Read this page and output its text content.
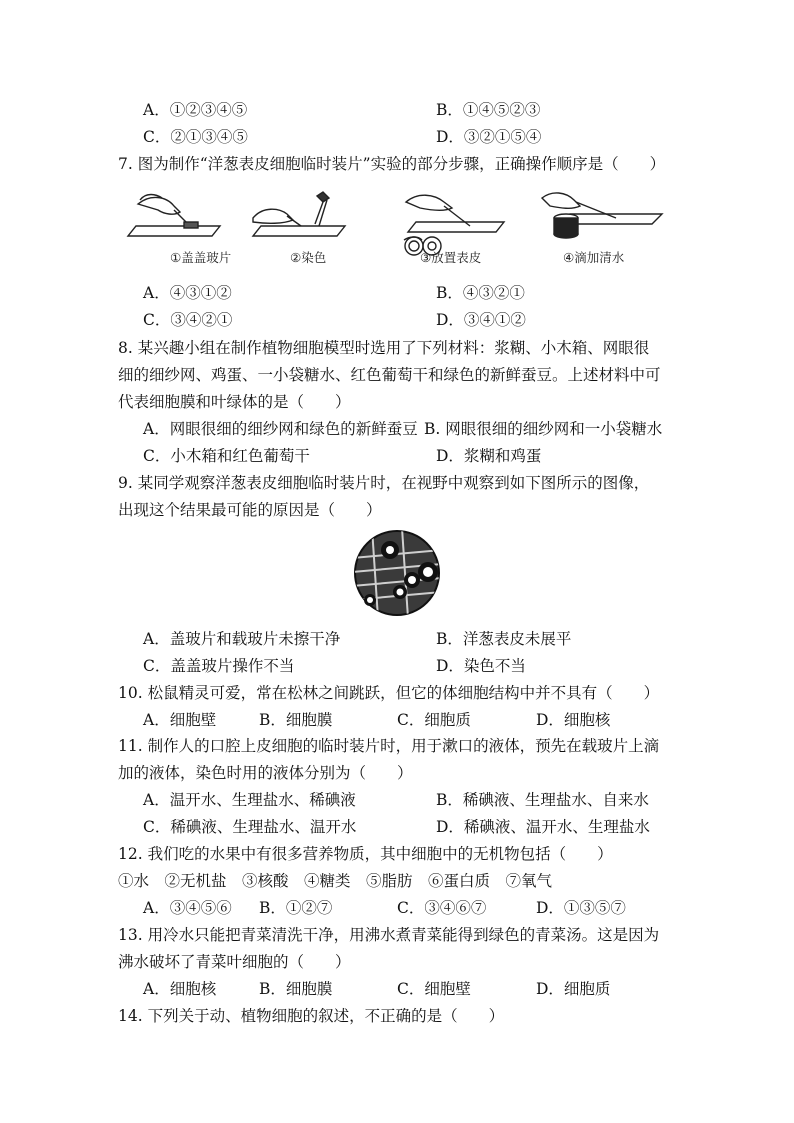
A．①②③④⑤	B．①④⑤②③
C．②①③④⑤	D．③②①⑤④
7. 图为制作“洋葱表皮细胞临时装片”实验的部分步骤，正确操作顺序是（　　）
①盖盖玻片	②染色	③放置表皮	④滴加清水
A．④③①②	B．④③②①
C．③④②①	D．③④①②
8. 某兴趣小组在制作植物细胞模型时选用了下列材料：浆糊、小木箱、网眼很
细的细纱网、鸡蛋、一小袋糖水、红色葡萄干和绿色的新鲜蚕豆。上述材料中可
代表细胞膜和叶绿体的是（　　）
A．网眼很细的细纱网和绿色的新鲜蚕豆 B. 网眼很细的细纱网和一小袋糖水
C．小木箱和红色葡萄干	D．浆糊和鸡蛋
9. 某同学观察洋葱表皮细胞临时装片时，在视野中观察到如下图所示的图像，
出现这个结果最可能的原因是（　　）
A．盖玻片和载玻片未擦干净	B．洋葱表皮未展平
C．盖盖玻片操作不当	D．染色不当
10. 松鼠精灵可爱，常在松林之间跳跃，但它的体细胞结构中并不具有（　　）
A．细胞壁	B．细胞膜	C．细胞质	D．细胞核
11. 制作人的口腔上皮细胞的临时装片时，用于漱口的液体，预先在载玻片上滴
加的液体，染色时用的液体分别为（　　）
A．温开水、生理盐水、稀碘液	B．稀碘液、生理盐水、自来水
C．稀碘液、生理盐水、温开水	D．稀碘液、温开水、生理盐水
12. 我们吃的水果中有很多营养物质，其中细胞中的无机物包括（　　）
①水　②无机盐　③核酸　④糖类　⑤脂肪　⑥蛋白质　⑦氧气
A．③④⑤⑥ B．①②⑦	C．③④⑥⑦	D．①③⑤⑦
13. 用冷水只能把青菜清洗干净，用沸水煮青菜能得到绿色的青菜汤。这是因为
沸水破坏了青菜叶细胞的（　　）
A．细胞核	B．细胞膜	C．细胞壁	D．细胞质
14. 下列关于动、植物细胞的叙述，不正确的是（　　）
